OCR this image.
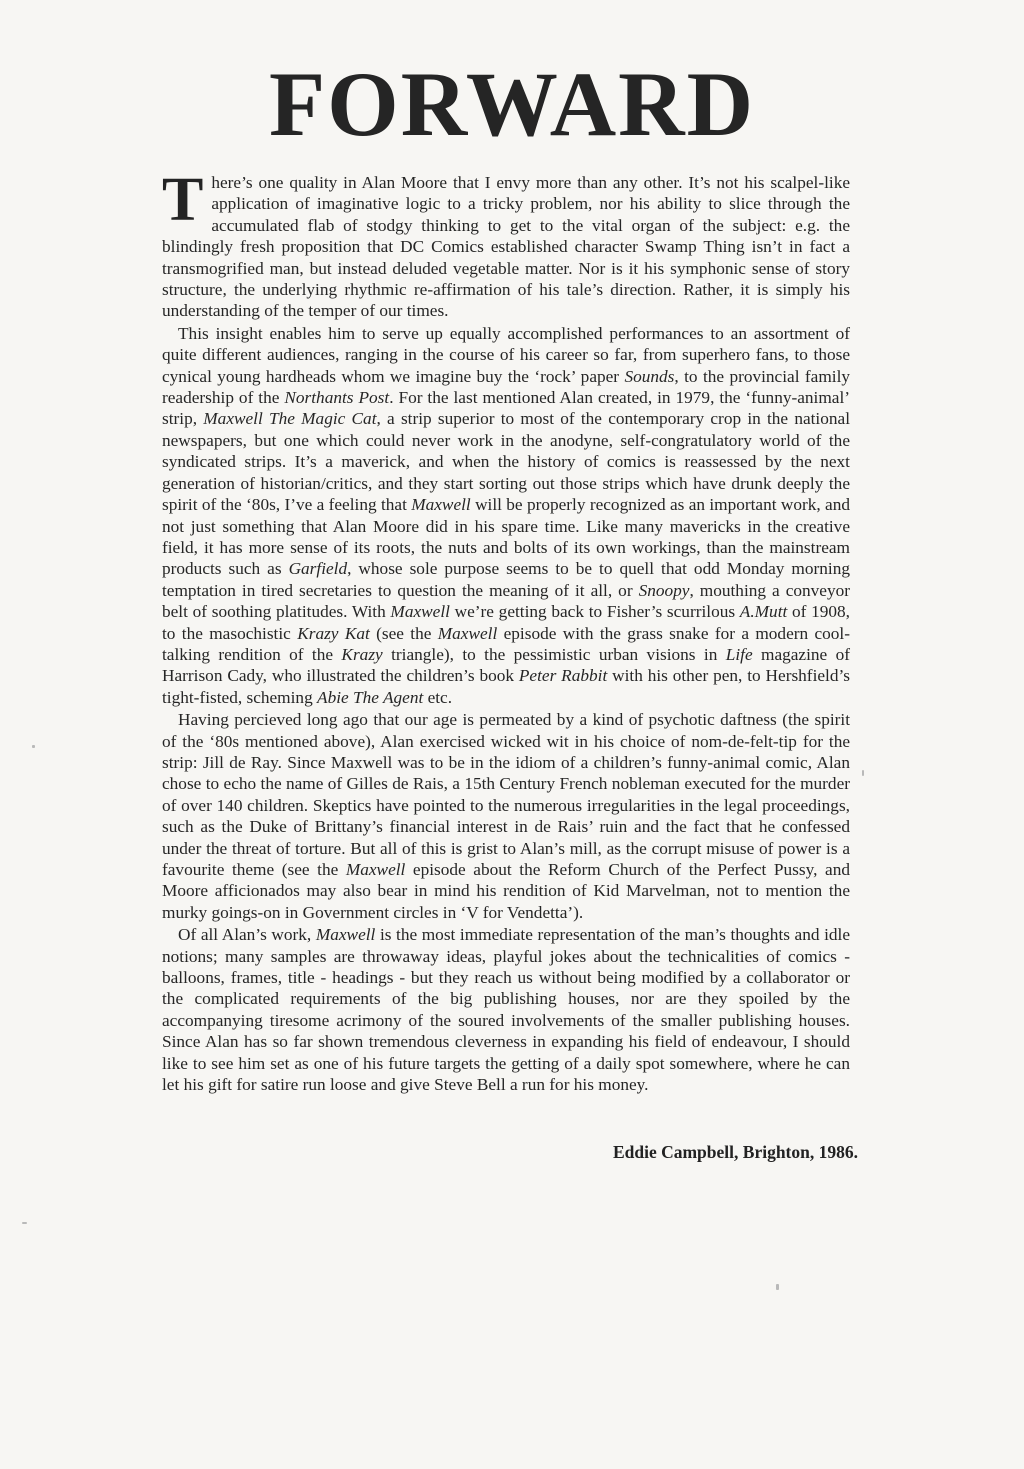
FORWARD

There’s one quality in Alan Moore that I envy more than any other. It’s not his scalpel-like application of imaginative logic to a tricky problem, nor his ability to slice through the accumulated flab of stodgy thinking to get to the vital organ of the subject: e.g. the blindingly fresh proposition that DC Comics established character Swamp Thing isn’t in fact a transmogrified man, but instead deluded vegetable matter. Nor is it his symphonic sense of story structure, the underlying rhythmic re-affirmation of his tale’s direction. Rather, it is simply his understanding of the temper of our times.

This insight enables him to serve up equally accomplished performances to an assortment of quite different audiences, ranging in the course of his career so far, from superhero fans, to those cynical young hardheads whom we imagine buy the ‘rock’ paper Sounds, to the provincial family readership of the Northants Post. For the last mentioned Alan created, in 1979, the ‘funny-animal’ strip, Maxwell The Magic Cat, a strip superior to most of the contemporary crop in the national newspapers, but one which could never work in the anodyne, self-congratulatory world of the syndicated strips. It’s a maverick, and when the history of comics is reassessed by the next generation of historian/critics, and they start sorting out those strips which have drunk deeply the spirit of the ‘80s, I’ve a feeling that Maxwell will be properly recognized as an important work, and not just something that Alan Moore did in his spare time. Like many mavericks in the creative field, it has more sense of its roots, the nuts and bolts of its own workings, than the mainstream products such as Garfield, whose sole purpose seems to be to quell that odd Monday morning temptation in tired secretaries to question the meaning of it all, or Snoopy, mouthing a conveyor belt of soothing platitudes. With Maxwell we’re getting back to Fisher’s scurrilous A.Mutt of 1908, to the masochistic Krazy Kat (see the Maxwell episode with the grass snake for a modern cool-talking rendition of the Krazy triangle), to the pessimistic urban visions in Life magazine of Harrison Cady, who illustrated the children’s book Peter Rabbit with his other pen, to Hershfield’s tight-fisted, scheming Abie The Agent etc.

Having percieved long ago that our age is permeated by a kind of psychotic daftness (the spirit of the ‘80s mentioned above), Alan exercised wicked wit in his choice of nom-de-felt-tip for the strip: Jill de Ray. Since Maxwell was to be in the idiom of a children’s funny-animal comic, Alan chose to echo the name of Gilles de Rais, a 15th Century French nobleman executed for the murder of over 140 children. Skeptics have pointed to the numerous irregularities in the legal proceedings, such as the Duke of Brittany’s financial interest in de Rais’ ruin and the fact that he confessed under the threat of torture. But all of this is grist to Alan’s mill, as the corrupt misuse of power is a favourite theme (see the Maxwell episode about the Reform Church of the Perfect Pussy, and Moore afficionados may also bear in mind his rendition of Kid Marvelman, not to mention the murky goings-on in Government circles in ‘V for Vendetta’).

Of all Alan’s work, Maxwell is the most immediate representation of the man’s thoughts and idle notions; many samples are throwaway ideas, playful jokes about the technicalities of comics - balloons, frames, title - headings - but they reach us without being modified by a collaborator or the complicated requirements of the big publishing houses, nor are they spoiled by the accompanying tiresome acrimony of the soured involvements of the smaller publishing houses. Since Alan has so far shown tremendous cleverness in expanding his field of endeavour, I should like to see him set as one of his future targets the getting of a daily spot somewhere, where he can let his gift for satire run loose and give Steve Bell a run for his money.

Eddie Campbell, Brighton, 1986.
